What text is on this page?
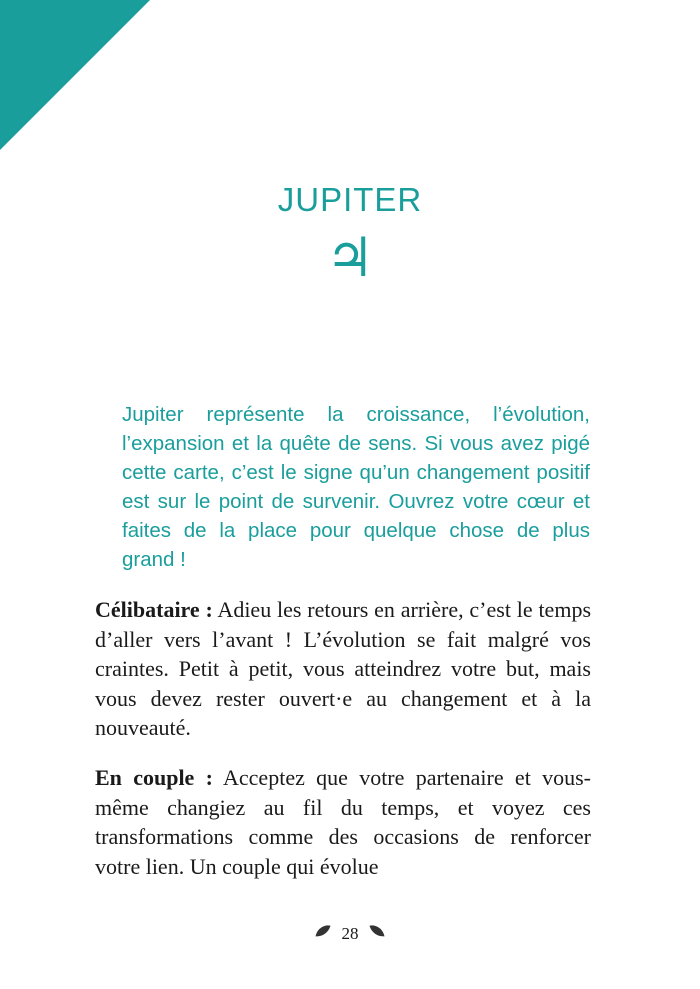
JUPITER
♃

Jupiter représente la croissance, l’évolution, l’expansion et la quête de sens. Si vous avez pigé cette carte, c’est le signe qu’un changement positif est sur le point de survenir. Ouvrez votre cœur et faites de la place pour quelque chose de plus grand !

Célibataire : Adieu les retours en arrière, c’est le temps d’aller vers l’avant ! L’évolution se fait malgré vos craintes. Petit à petit, vous atteindrez votre but, mais vous devez rester ouvert·e au changement et à la nouveauté.

En couple : Acceptez que votre partenaire et vous-même changiez au fil du temps, et voyez ces transformations comme des occasions de renforcer votre lien. Un couple qui évolue

28
